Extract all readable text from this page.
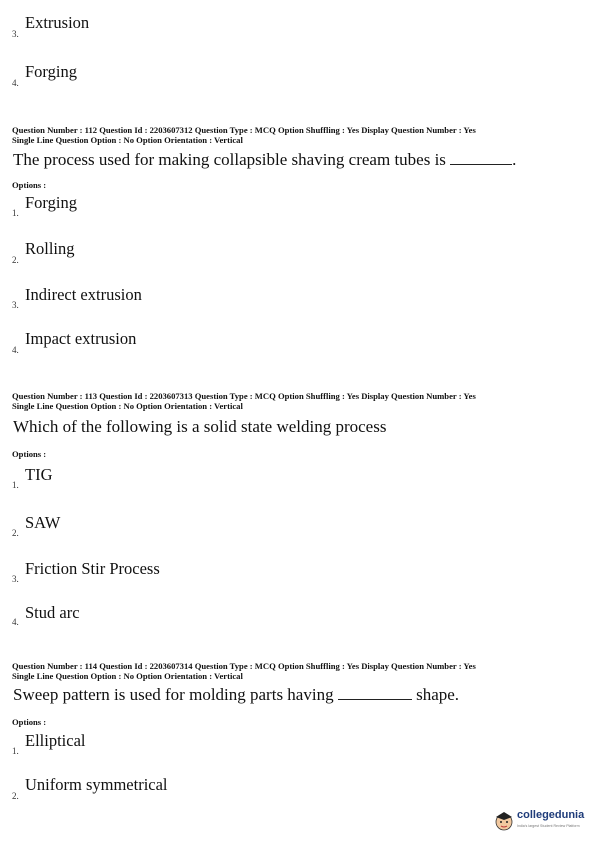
3.
Extrusion
4.
Forging
Question Number : 112 Question Id : 2203607312 Question Type : MCQ Option Shuffling : Yes Display Question Number : Yes
Single Line Question Option : No Option Orientation : Vertical
The process used for making collapsible shaving cream tubes is	.
Options :
1.
Forging
2.
Rolling
3.
Indirect extrusion
4.
Impact extrusion
Question Number : 113 Question Id : 2203607313 Question Type : MCQ Option Shuffling : Yes Display Question Number : Yes
Single Line Question Option : No Option Orientation : Vertical
Which of the following is a solid state welding process
Options :
1.
TIG
2.
SAW
3.
Friction Stir Process
4. Stud arc
Question Number : 114 Question Id : 2203607314 Question Type : MCQ Option Shuffling : Yes Display Question Number : Yes
Single Line Question Option : No Option Orientation : Vertical
Sweep pattern is used for molding parts having	shape.
Options :
1.
Elliptical
2.
Uniform symmetrical
collegedunia
India's largest Student Review Platform
